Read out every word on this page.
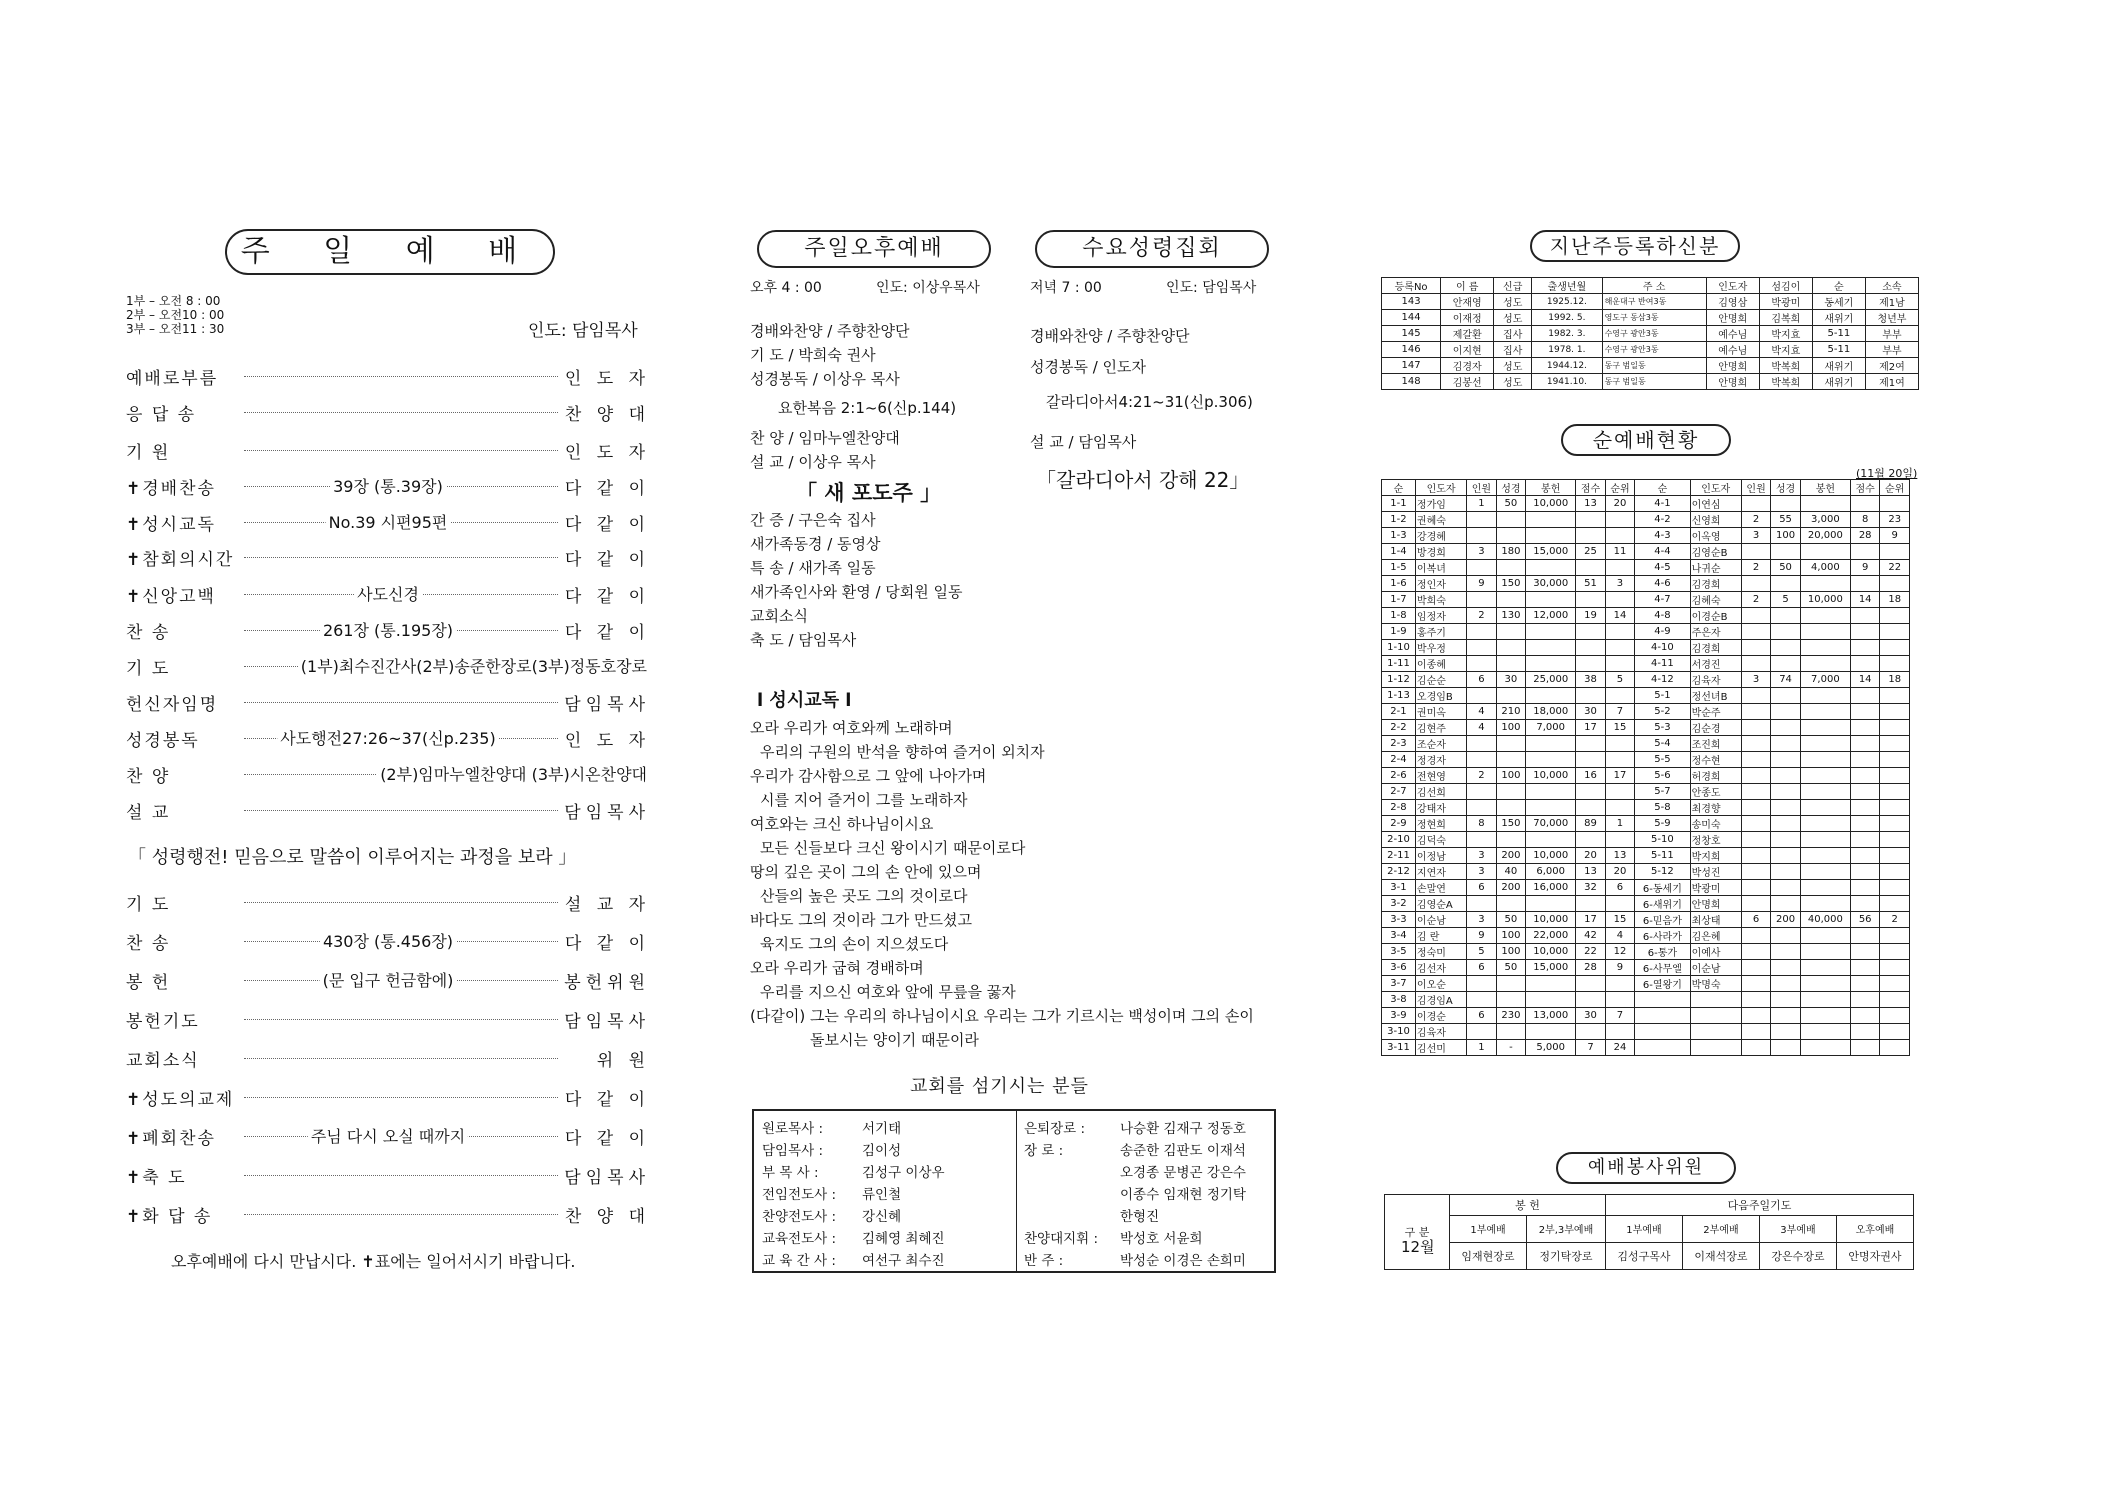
주 일 예 배
1부 – 오전 8 : 00
2부 – 오전10 : 00
3부 – 오전11 : 30	인도: 담임목사
예배로부름	인 도 자
응 답 송	찬 양 대
기 원	인 도 자
✝경배찬송	39장 (통.39장)	다 같 이
✝성시교독	No.39 시편95편	다 같 이
✝참회의시간	다 같 이
✝신앙고백	사도신경	다 같 이
찬 송	261장 (통.195장)	다 같 이
기 도	(1부)최수진간사(2부)송준한장로(3부)정동호장로
헌신자임명	담임목사
성경봉독	사도행전27:26~37(신p.235)	인 도 자
찬 양	(2부)임마누엘찬양대 (3부)시온찬양대
설 교	담임목사
「 성령행전! 믿음으로 말씀이 이루어지는 과정을 보라 」
기 도	설 교 자
찬 송	430장 (통.456장)	다 같 이
봉 헌	(문 입구 헌금함에)	봉헌위원
봉헌기도	담임목사
교회소식	위 원
✝성도의교제	다 같 이
✝폐회찬송	주님 다시 오실 때까지	다 같 이
✝축 도	담임목사
✝화 답 송	찬 양 대
오후예배에 다시 만납시다. ✝표에는 일어서시기 바랍니다.
주일오후예배	수요성령집회
오후 4 : 00	인도: 이상우목사
경배와찬양 / 주향찬양단
기 도 / 박희숙 권사
성경봉독 / 이상우 목사
요한복음 2:1~6(신p.144)
찬 양 / 임마누엘찬양대
설 교 / 이상우 목사
「 새 포도주 」
간 증 / 구은숙 집사
새가족동경 / 동영상
특 송 / 새가족 일동
새가족인사와 환영 / 당회원 일동
교회소식
축 도 / 담임목사
저녁 7 : 00	인도: 담임목사
경배와찬양 / 주향찬양단
성경봉독 / 인도자
갈라디아서4:21~31(신p.306)
설 교 / 담임목사
「갈라디아서 강해 22」
l 성시교독 l
오라 우리가 여호와께 노래하며
우리의 구원의 반석을 향하여 즐거이 외치자
우리가 감사함으로 그 앞에 나아가며
시를 지어 즐거이 그를 노래하자
여호와는 크신 하나님이시요
모든 신들보다 크신 왕이시기 때문이로다
땅의 깊은 곳이 그의 손 안에 있으며
산들의 높은 곳도 그의 것이로다
바다도 그의 것이라 그가 만드셨고
육지도 그의 손이 지으셨도다
오라 우리가 굽혀 경배하며
우리를 지으신 여호와 앞에 무릎을 꿇자
(다같이) 그는 우리의 하나님이시요 우리는 그가 기르시는 백성이며 그의 손이
돌보시는 양이기 때문이라
교회를 섬기시는 분들
원로목사 :	서기태
담임목사 :	김이성
부 목 사 :	김성구 이상우
전임전도사 : 류인철
찬양전도사 : 강신혜
교육전도사 : 김혜영 최혜진
교 육 간 사 : 여선구 최수진
은퇴장로 :	나승환 김재구 정동호
장 로 :	송준한 김판도 이재석
오경종 문병곤 강은수
이종수 임재현 정기탁
한형진
찬양대지휘 : 박성호 서윤희
반 주 :	박성순 이경은 손희미
지난주등록하신분
등록No	이 름	신급	출생년월	주 소	인도자	섬김이	순	소속
143	안재영	성도	1925.12.	해운대구 반여3동	김영삼	박광미	동세기	제1남
144	이재정	성도	1992. 5.	영도구 동삼3동	안명희	김복희	새위기	청년부
145	제갈환	집사	1982. 3.	수영구 광안3동	예수님	박지효	5-11	부부
146	이지현	집사	1978. 1.	수영구 광안3동	예수님	박지효	5-11	부부
147	김경자	성도	1944.12.	동구 범일동	안명희	박복희	새위기	제2여
148	김봉선	성도	1941.10.	동구 범일동	안명희	박복희	새위기	제1여
순예배현황
(11월 20일)
순	인도자	인원	성경	봉헌	점수	순위	순	인도자	인원	성경	봉헌	점수	순위
1-1	정가임	1	50	10,000	13	20	4-1	이연심					
1-2	권혜숙						4-2	신영희	2	55	3,000	8	23
1-3	강경혜						4-3	이옥영	3	100	20,000	28	9
1-4	방경희	3	180	15,000	25	11	4-4	김영순B					
1-5	이복녀						4-5	나귀순	2	50	4,000	9	22
1-6	정인자	9	150	30,000	51	3	4-6	김경희					
1-7	박희숙						4-7	김혜숙	2	5	10,000	14	18
1-8	임정자	2	130	12,000	19	14	4-8	이경순B					
1-9	홍주기						4-9	주은자					
1-10	박우정						4-10	김경희					
1-11	이종혜						4-11	서경진					
1-12	김순순	6	30	25,000	38	5	4-12	김육자	3	74	7,000	14	18
1-13	오경임B						5-1	정선녀B					
2-1	권미옥	4	210	18,000	30	7	5-2	박순주					
2-2	김현주	4	100	7,000	17	15	5-3	김순경					
2-3	조순자						5-4	조진희					
2-4	정경자						5-5	정수현					
2-6	전현영	2	100	10,000	16	17	5-6	허경희					
2-7	김선희						5-7	안종도					
2-8	강태자						5-8	최경향					
2-9	정현희	8	150	70,000	89	1	5-9	송미숙					
2-10	김덕숙						5-10	정창호					
2-11	이정남	3	200	10,000	20	13	5-11	박지희					
2-12	지연자	3	40	6,000	13	20	5-12	박성진					
3-1	손말연	6	200	16,000	32	6	6-동세기	박광미					
3-2	김영순A						6-새위기	안명희					
3-3	이순남	3	50	10,000	17	15	6-믿음가	최상태	6	200	40,000	56	2
3-4	김 란	9	100	22,000	42	4	6-사라가	김은혜					
3-5	정숙미	5	100	10,000	22	12	6-통가	이예사					
3-6	김선자	6	50	15,000	28	9	6-사무엘	이순남					
3-7	이오순						6-열왕기	박명숙					
3-8	김경임A												
3-9	이경순	6	230	13,000	30	7							
3-10	김육자												
3-11	김선미	1	-	5,000	7	24							
예배봉사위원
구 분	봉 헌		다음주일기도			
	1부예배	2부,3부예배	1부예배	2부예배	3부예배	오후예배
	임재현장로	정기탁장로	김성구목사	이재석장로	강은수장로	안명자권사
12월
